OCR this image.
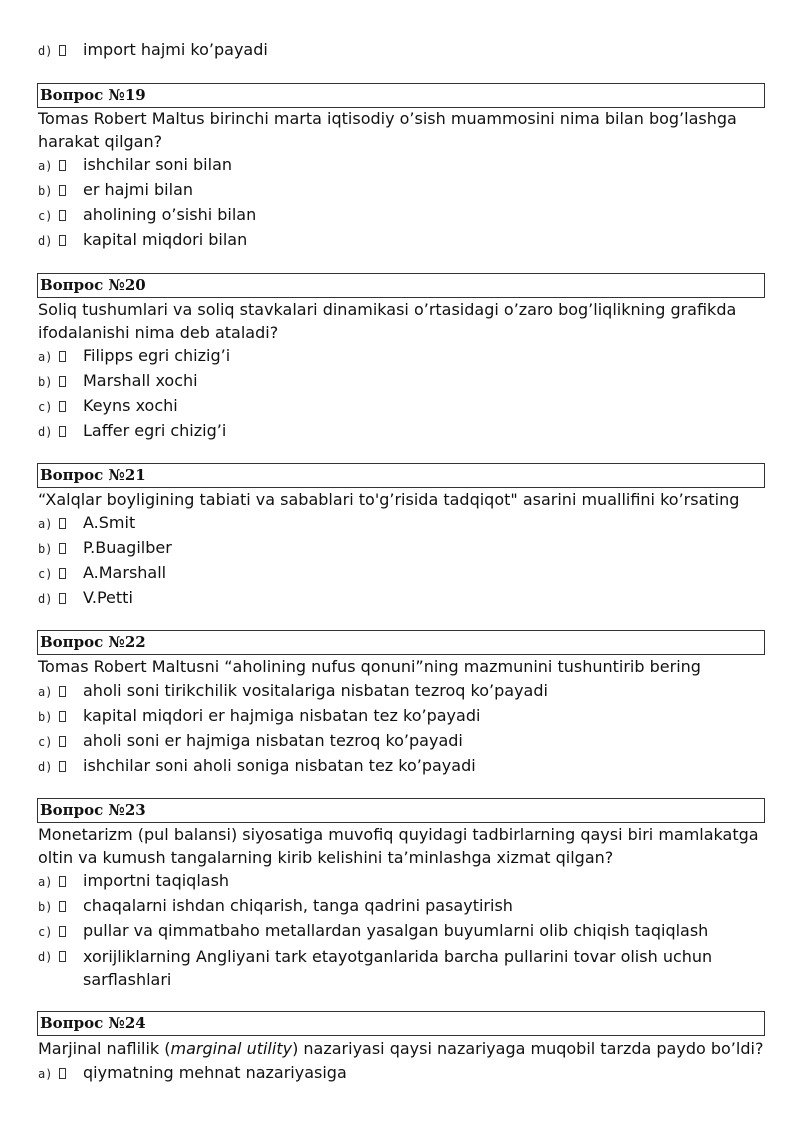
d) import hajmi ko’payadi
Вопрос №19
Tomas Robert Maltus birinchi marta iqtisodiy o’sish muammosini nima bilan bog’lashga harakat qilgan?
a) ishchilar soni bilan
b) er hajmi bilan
c) aholining o’sishi bilan
d) kapital miqdori bilan
Вопрос №20
Soliq tushumlari va soliq stavkalari dinamikasi o’rtasidagi o’zaro bog’liqlikning grafikda ifodalanishi nima deb ataladi?
a) Filipps egri chizig’i
b) Marshall xochi
c) Keyns xochi
d) Laffer egri chizig’i
Вопрос №21
“Xalqlar boyligining tabiati va sabablari to'g’risida tadqiqot" asarini muallifini ko’rsating
a) A.Smit
b) P.Buagilber
c) A.Marshall
d) V.Petti
Вопрос №22
Tomas Robert Maltusni “aholining nufus qonuni”ning mazmunini tushuntirib bering
a) aholi soni tirikchilik vositalariga nisbatan tezroq ko’payadi
b) kapital miqdori er hajmiga nisbatan tez ko’payadi
c) aholi soni er hajmiga nisbatan tezroq ko’payadi
d) ishchilar soni aholi soniga nisbatan tez ko’payadi
Вопрос №23
Monetarizm (pul balansi) siyosatiga muvofiq quyidagi tadbirlarning qaysi biri mamlakatga oltin va kumush tangalarning kirib kelishini ta’minlashga xizmat qilgan?
a) importni taqiqlash
b) chaqalarni ishdan chiqarish, tanga qadrini pasaytirish
c) pullar va qimmatbaho metallardan yasalgan buyumlarni olib chiqish taqiqlash
d) xorijliklarning Angliyani tark etayotganlarida barcha pullarini tovar olish uchun sarflashlari
Вопрос №24
Marjinal naflilik (marginal utility) nazariyasi qaysi nazariyaga muqobil tarzda paydo bo’ldi?
a) qiymatning mehnat nazariyasiga
